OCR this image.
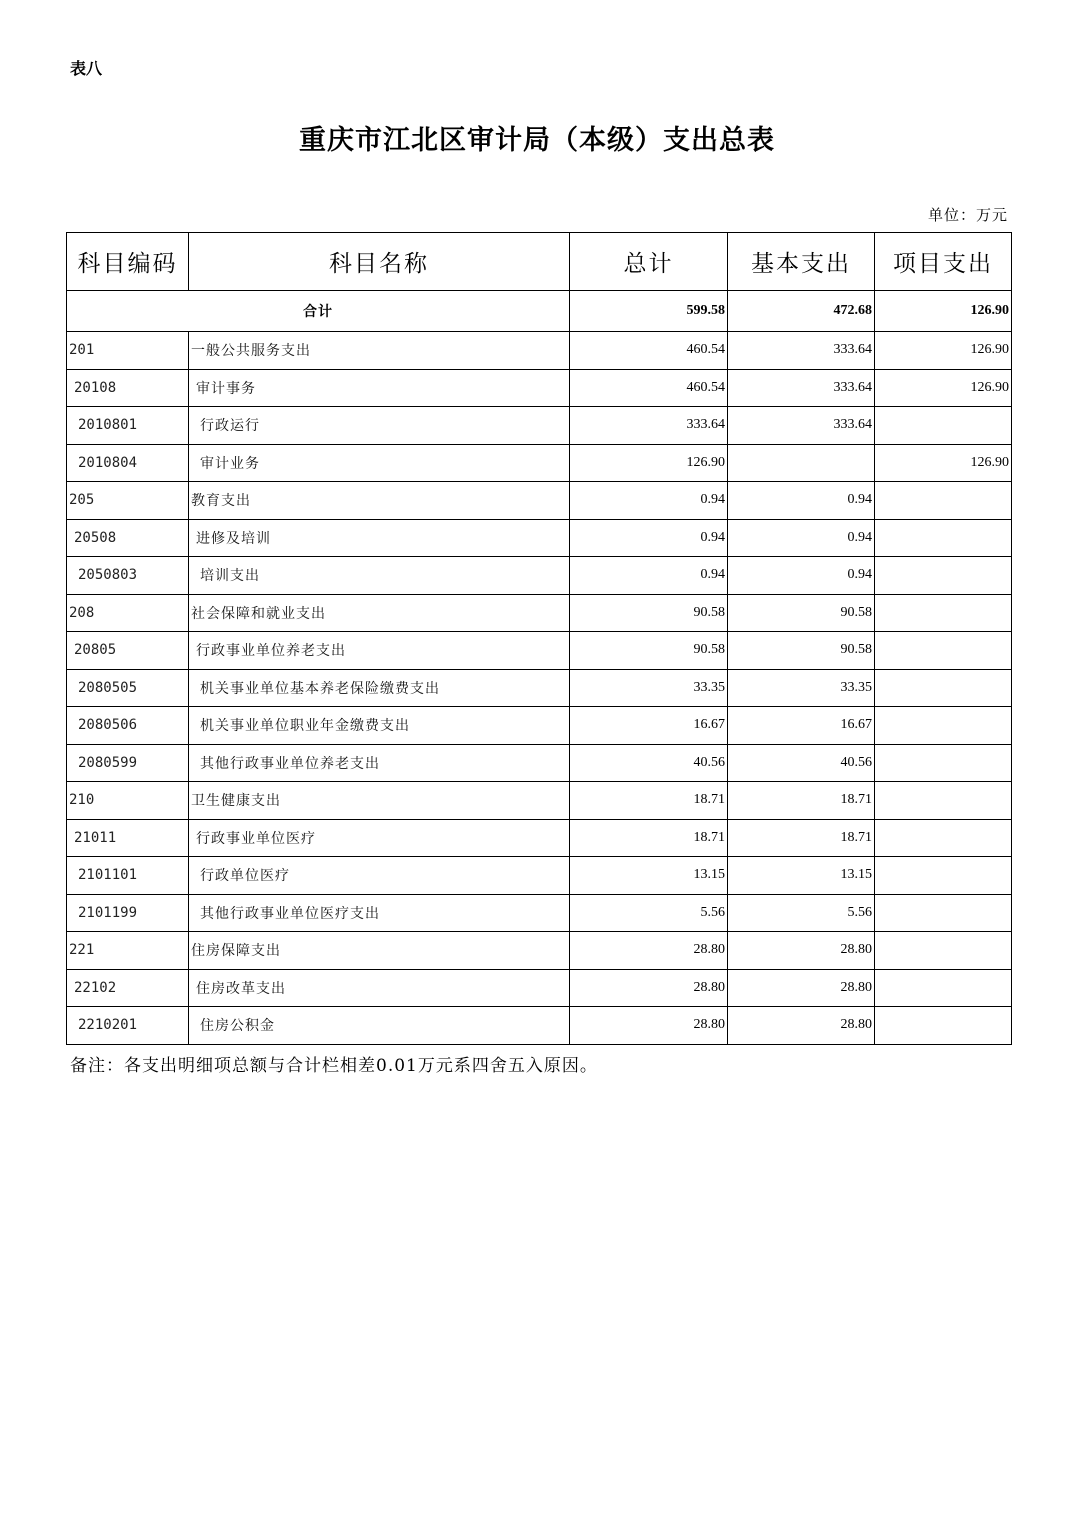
表八
重庆市江北区审计局（本级）支出总表
单位：万元
科目编码	科目名称	总计	基本支出	项目支出
合计		599.58	472.68	126.90
201	一般公共服务支出	460.54	333.64	126.90
20108	审计事务	460.54	333.64	126.90
2010801	行政运行	333.64	333.64	
2010804	审计业务	126.90		126.90
205	教育支出	0.94	0.94	
20508	进修及培训	0.94	0.94	
2050803	培训支出	0.94	0.94	
208	社会保障和就业支出	90.58	90.58	
20805	行政事业单位养老支出	90.58	90.58	
2080505	机关事业单位基本养老保险缴费支出	33.35	33.35	
2080506	机关事业单位职业年金缴费支出	16.67	16.67	
2080599	其他行政事业单位养老支出	40.56	40.56	
210	卫生健康支出	18.71	18.71	
21011	行政事业单位医疗	18.71	18.71	
2101101	行政单位医疗	13.15	13.15	
2101199	其他行政事业单位医疗支出	5.56	5.56	
221	住房保障支出	28.80	28.80	
22102	住房改革支出	28.80	28.80	
2210201	住房公积金	28.80	28.80	
备注：各支出明细项总额与合计栏相差0.01万元系四舍五入原因。
